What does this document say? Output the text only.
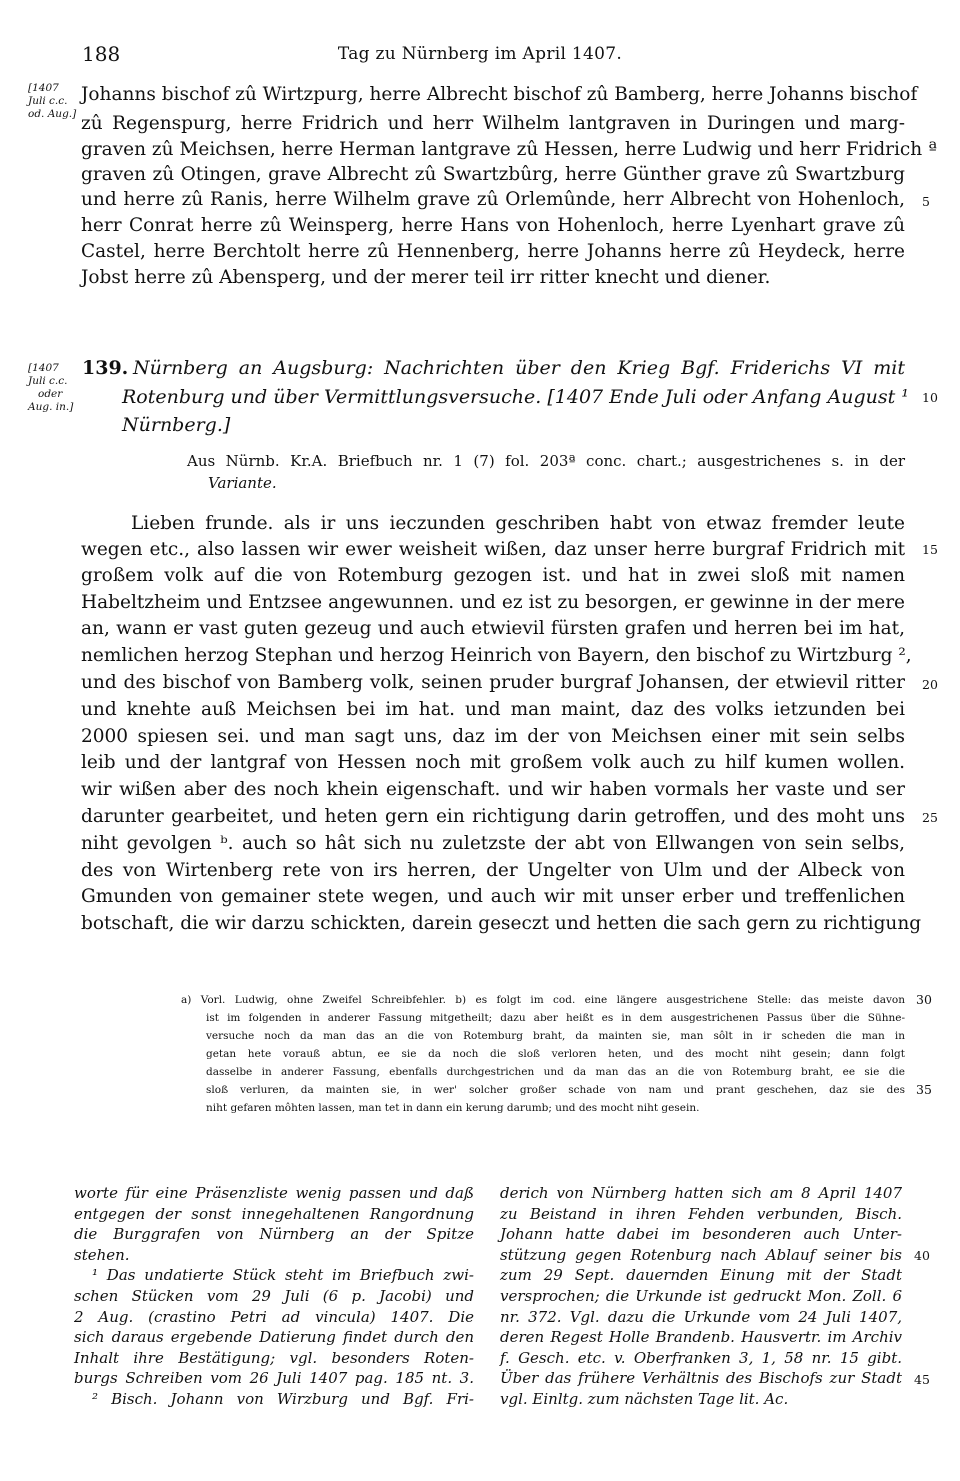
188	Tag zu Nürnberg im April 1407.
Johanns bischof zû Wirtzpurg, herre Albrecht bischof zû Bamberg, herre Johanns bischof
zû Regenspurg, herre Fridrich und herr Wilhelm lantgraven in Duringen und marg-
graven zû Meichsen, herre Herman lantgrave zû Hessen, herre Ludwig und herr Fridrich ª
graven zû Otingen, grave Albrecht zû Swartzbûrg, herre Günther grave zû Swartzburg
und herre zû Ranis, herre Wilhelm grave zû Orlemûnde, herr Albrecht von Hohenloch,
herr Conrat herre zû Weinsperg, herre Hans von Hohenloch, herre Lyenhart grave zû
Castel, herre Berchtolt herre zû Hennenberg, herre Johanns herre zû Heydeck, herre
Jobst herre zû Abensperg, und der merer teil irr ritter knecht und diener.
[1407
Juli c.c.
od. Aug.]
5
139. Nürnberg an Augsburg: Nachrichten über den Krieg Bgf. Friderichs VI mit
Rotenburg und über Vermittlungsversuche. [1407 Ende Juli oder Anfang August ¹
Nürnberg.]
[1407
Juli c.c.
oder
Aug. in.]
10
Aus Nürnb. Kr.A. Briefbuch nr. 1 (7) fol. 203ª conc. chart.; ausgestrichenes s. in der
Variante.
Lieben frunde. als ir uns ieczunden geschriben habt von etwaz fremder leute
wegen etc., also lassen wir ewer weisheit wißen, daz unser herre burgraf Fridrich mit
großem volk auf die von Rotemburg gezogen ist. und hat in zwei sloß mit namen
Habeltzheim und Entzsee angewunnen. und ez ist zu besorgen, er gewinne in der mere
an, wann er vast guten gezeug und auch etwievil fürsten grafen und herren bei im hat,
nemlichen herzog Stephan und herzog Heinrich von Bayern, den bischof zu Wirtzburg ²,
und des bischof von Bamberg volk, seinen pruder burgraf Johansen, der etwievil ritter
und knehte auß Meichsen bei im hat. und man maint, daz des volks ietzunden bei
2000 spiesen sei. und man sagt uns, daz im der von Meichsen einer mit sein selbs
leib und der lantgraf von Hessen noch mit großem volk auch zu hilf kumen wollen.
wir wißen aber des noch khein eigenschaft. und wir haben vormals her vaste und ser
darunter gearbeitet, und heten gern ein richtigung darin getroffen, und des moht uns
niht gevolgen ᵇ. auch so hât sich nu zuletzste der abt von Ellwangen von sein selbs,
des von Wirtenberg rete von irs herren, der Ungelter von Ulm und der Albeck von
Gmunden von gemainer stete wegen, und auch wir mit unser erber und treffenlichen
botschaft, die wir darzu schickten, darein geseczt und hetten die sach gern zu richtigung
15
20
25
a) Vorl. Ludwig, ohne Zweifel Schreibfehler. b) es folgt im cod. eine längere ausgestrichene Stelle: das meiste davon
ist im folgenden in anderer Fassung mitgetheilt; dazu aber heißt es in dem ausgestrichenen Passus über die Sühne-
versuche noch da man das an die von Rotemburg braht, da mainten sie, man sôlt in ir scheden die man in
getan hete vorauß abtun, ee sie da noch die sloß verloren heten, und des mocht niht gesein; dann folgt
dasselbe in anderer Fassung, ebenfalls durchgestrichen und da man das an die von Rotemburg braht, ee sie die
sloß verluren, da mainten sie, in wer' solcher großer schade von nam und prant geschehen, daz sie des
niht gefaren môhten lassen, man tet in dann ein kerung darumb; und des mocht niht gesein.
30
35
worte für eine Präsenzliste wenig passen und daß
entgegen der sonst innegehaltenen Rangordnung
die Burggrafen von Nürnberg an der Spitze
stehen.
¹ Das undatierte Stück steht im Briefbuch zwi-
schen Stücken vom 29 Juli (6 p. Jacobi) und
2 Aug. (crastino Petri ad vincula) 1407. Die
sich daraus ergebende Datierung findet durch den
Inhalt ihre Bestätigung; vgl. besonders Roten-
burgs Schreiben vom 26 Juli 1407 pag. 185 nt. 3.
² Bisch. Johann von Wirzburg und Bgf. Fri-
derich von Nürnberg hatten sich am 8 April 1407
zu Beistand in ihren Fehden verbunden, Bisch.
Johann hatte dabei im besonderen auch Unter-
stützung gegen Rotenburg nach Ablauf seiner bis
zum 29 Sept. dauernden Einung mit der Stadt
versprochen; die Urkunde ist gedruckt Mon. Zoll. 6
nr. 372. Vgl. dazu die Urkunde vom 24 Juli 1407,
deren Regest Holle Brandenb. Hausvertr. im Archiv
f. Gesch. etc. v. Oberfranken 3, 1, 58 nr. 15 gibt.
Über das frühere Verhältnis des Bischofs zur Stadt
vgl. Einltg. zum nächsten Tage lit. Ac.
40
45
